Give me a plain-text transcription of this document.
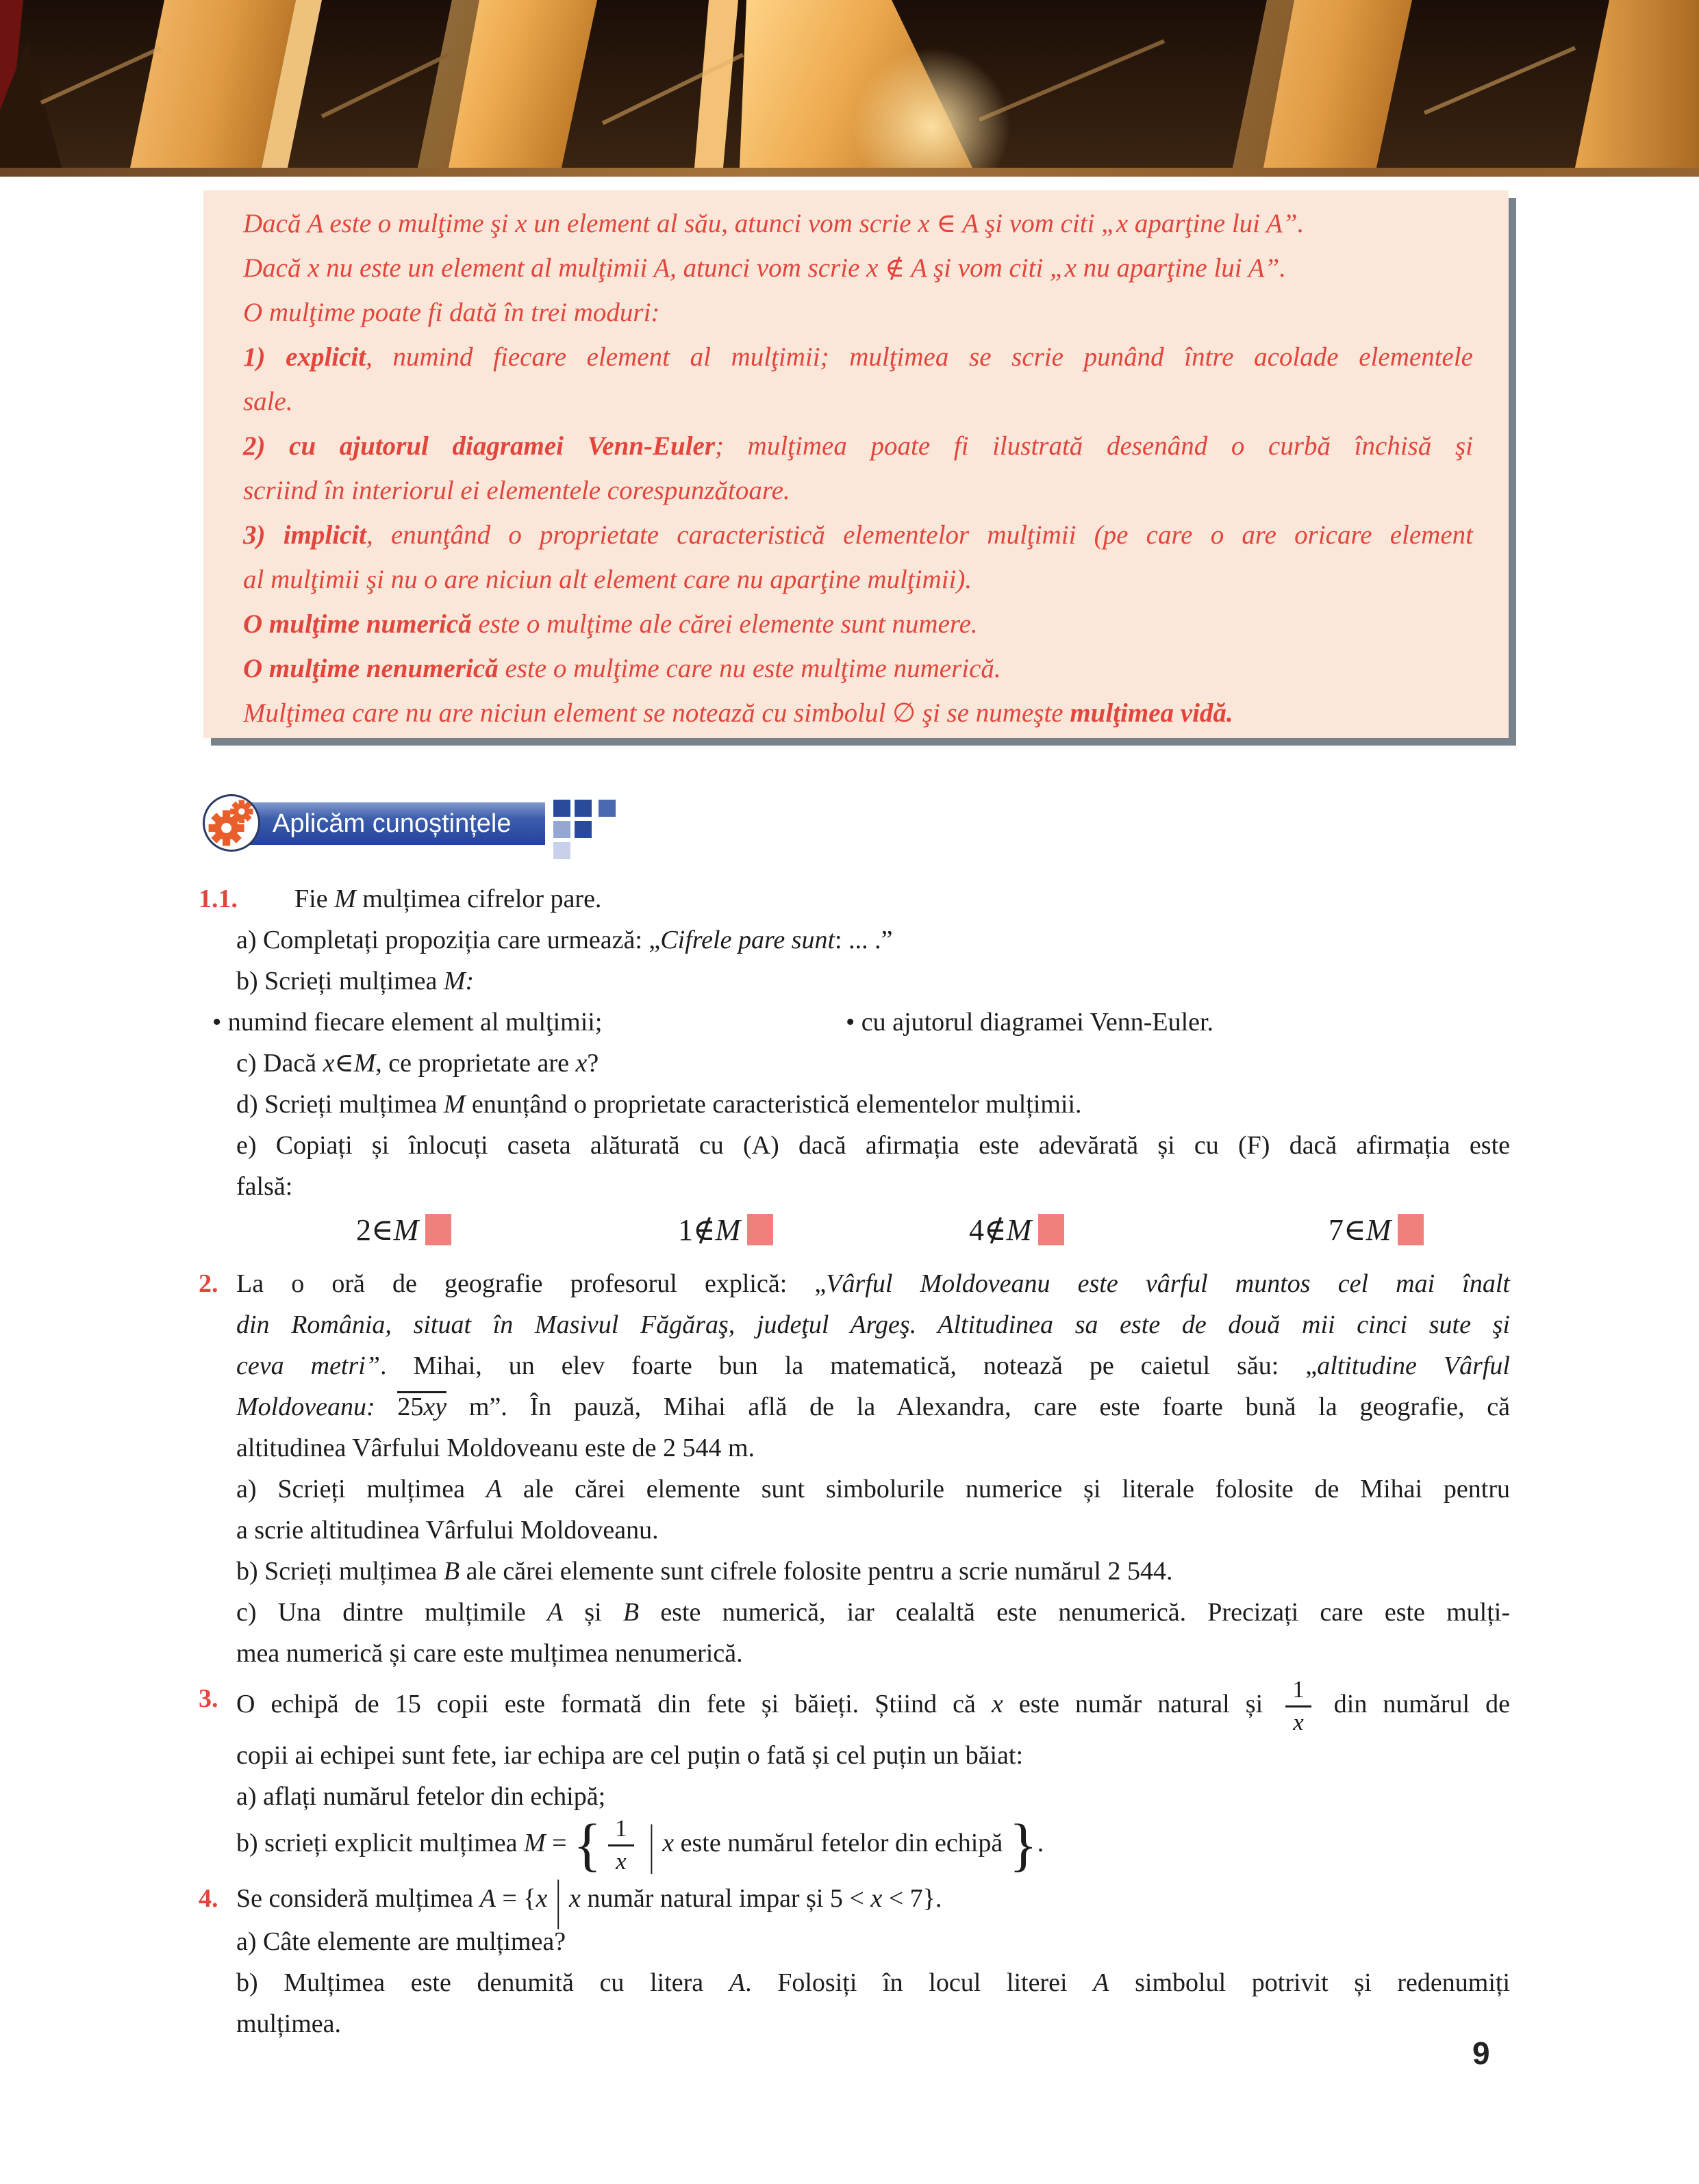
Dacă A este o mulţime şi x un element al său, atunci vom scrie x ∈ A şi vom citi „x aparţine lui A”.
Dacă x nu este un element al mulţimii A, atunci vom scrie x ∉ A şi vom citi „x nu aparţine lui A”.
O mulţime poate fi dată în trei moduri:
1) explicit, numind fiecare element al mulţimii; mulţimea se scrie punând între acolade elementele
sale.
2) cu ajutorul diagramei Venn-Euler; mulţimea poate fi ilustrată desenând o curbă închisă şi
scriind în interiorul ei elementele corespunzătoare.
3) implicit, enunţând o proprietate caracteristică elementelor mulţimii (pe care o are oricare element
al mulţimii şi nu o are niciun alt element care nu aparţine mulţimii).
O mulţime numerică este o mulţime ale cărei elemente sunt numere.
O mulţime nenumerică este o mulţime care nu este mulţime numerică.
Mulţimea care nu are niciun element se notează cu simbolul ∅ şi se numeşte mulţimea vidă.
Aplicăm cunoștințele
1.1.	Fie M mulțimea cifrelor pare.
a) Completați propoziția care urmează: „Cifrele pare sunt: ... .”
b) Scrieți mulțimea M:
• numind fiecare element al mulţimii;	• cu ajutorul diagramei Venn-Euler.
c) Dacă x∈M, ce proprietate are x?
d) Scrieți mulțimea M enunțând o proprietate caracteristică elementelor mulțimii.
e) Copiați și înlocuți caseta alăturată cu (A) dacă afirmația este adevărată și cu (F) dacă afirmația este
falsă:
2∈M	1∉M	4∉M	7∈M
2. La o oră de geografie profesorul explică: „Vârful Moldoveanu este vârful muntos cel mai înalt
din România, situat în Masivul Făgăraş, judeţul Argeş. Altitudinea sa este de două mii cinci sute şi
ceva metri”. Mihai, un elev foarte bun la matematică, notează pe caietul său: „altitudine Vârful
Moldoveanu: 25xy m”. În pauză, Mihai află de la Alexandra, care este foarte bună la geografie, că
altitudinea Vârfului Moldoveanu este de 2 544 m.
a) Scrieți mulțimea A ale cărei elemente sunt simbolurile numerice și literale folosite de Mihai pentru
a scrie altitudinea Vârfului Moldoveanu.
b) Scrieți mulțimea B ale cărei elemente sunt cifrele folosite pentru a scrie numărul 2 544.
c) Una dintre mulțimile A și B este numerică, iar cealaltă este nenumerică. Precizați care este mulți-
mea numerică și care este mulțimea nenumerică.
3. O echipă de 15 copii este formată din fete și băieți. Știind că x este număr natural și $\frac{1}{x}$ din numărul de
copii ai echipei sunt fete, iar echipa are cel puțin o fată și cel puțin un băiat:
a) aflați numărul fetelor din echipă;
b) scrieți explicit mulțimea M = { $\frac{1}{x}$ | x este numărul fetelor din echipă }.
4. Se consideră mulțimea A = {x | x număr natural impar și 5 < x < 7}.
a) Câte elemente are mulțimea?
b) Mulțimea este denumită cu litera A. Folosiți în locul literei A simbolul potrivit și redenumiți
mulțimea.
9
